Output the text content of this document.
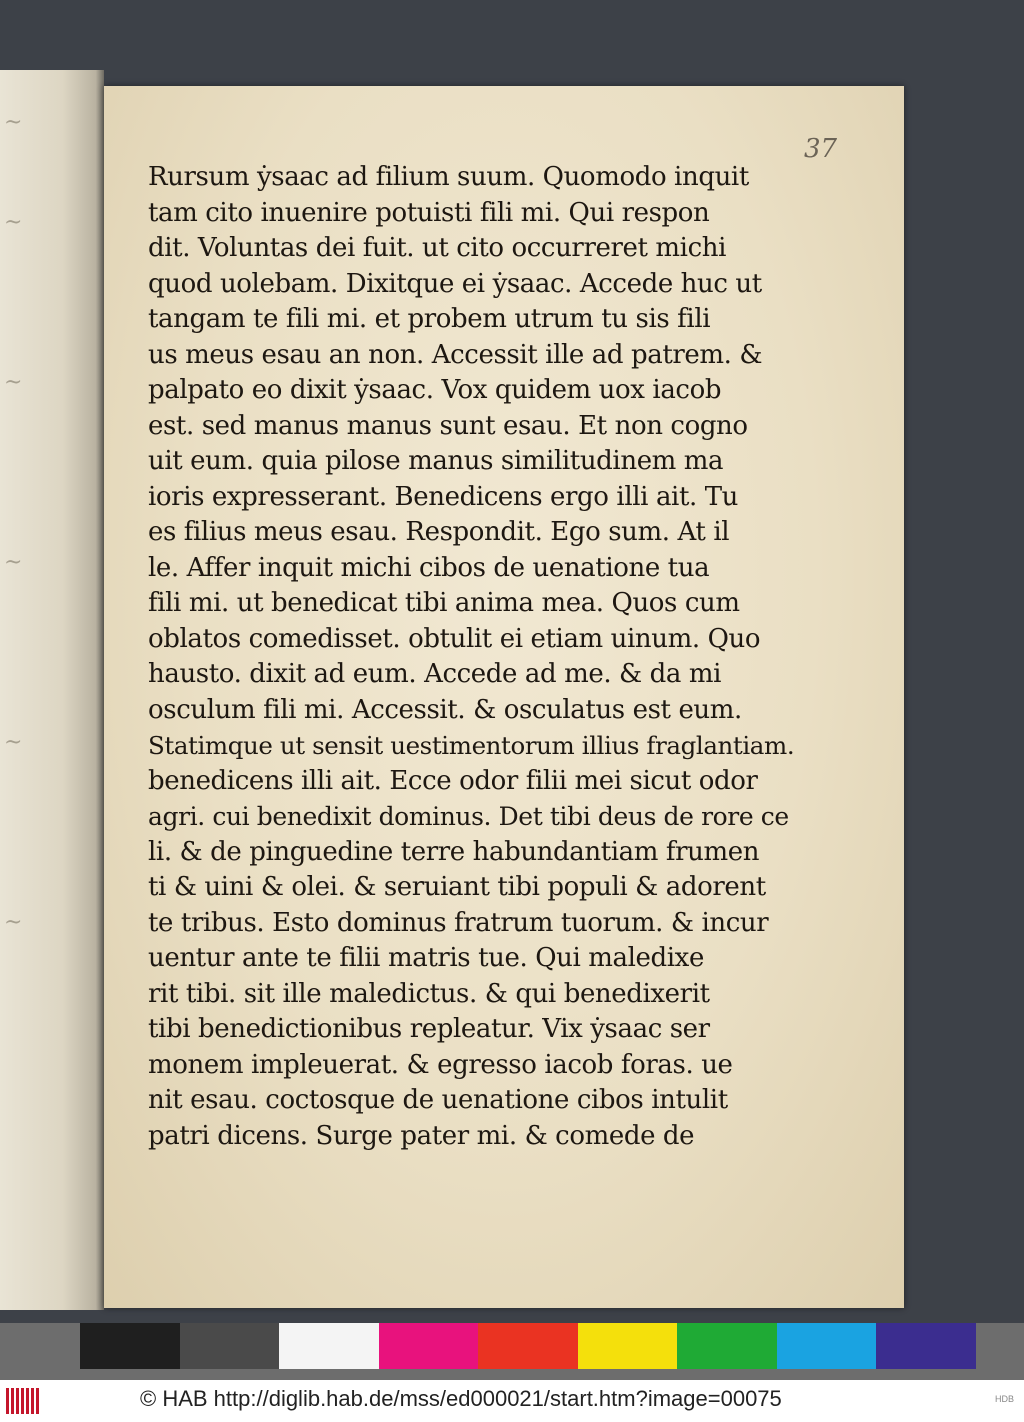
~
~
~
~
~
~
37
Rursum ẏsaac ad filium suum. Quomodo inquit
tam cito inuenire potuisti fili mi. Qui respon
dit. Voluntas dei fuit. ut cito occurreret michi
quod uolebam. Dixitque ei ẏsaac. Accede huc ut
tangam te fili mi. et probem utrum tu sis fili
us meus esau an non. Accessit ille ad patrem. &
palpato eo dixit ẏsaac. Vox quidem uox iacob
est. sed manus manus sunt esau. Et non cogno
uit eum. quia pilose manus similitudinem ma
ioris expresserant. Benedicens ergo illi ait. Tu
es filius meus esau. Respondit. Ego sum. At il
le. Affer inquit michi cibos de uenatione tua
fili mi. ut benedicat tibi anima mea. Quos cum
oblatos comedisset. obtulit ei etiam uinum. Quo
hausto. dixit ad eum. Accede ad me. & da mi
osculum fili mi. Accessit. & osculatus est eum.
Statimque ut sensit uestimentorum illius fraglantiam.
benedicens illi ait. Ecce odor filii mei sicut odor
agri. cui benedixit dominus. Det tibi deus de rore ce
li. & de pinguedine terre habundantiam frumen
ti & uini & olei. & seruiant tibi populi & adorent
te tribus. Esto dominus fratrum tuorum. & incur
uentur ante te filii matris tue. Qui maledixe
rit tibi. sit ille maledictus. & qui benedixerit
tibi benedictionibus repleatur. Vix ẏsaac ser
monem impleuerat. & egresso iacob foras. ue
nit esau. coctosque de uenatione cibos intulit
patri dicens. Surge pater mi. & comede de
© HAB http://diglib.hab.de/mss/ed000021/start.htm?image=00075	HDB
